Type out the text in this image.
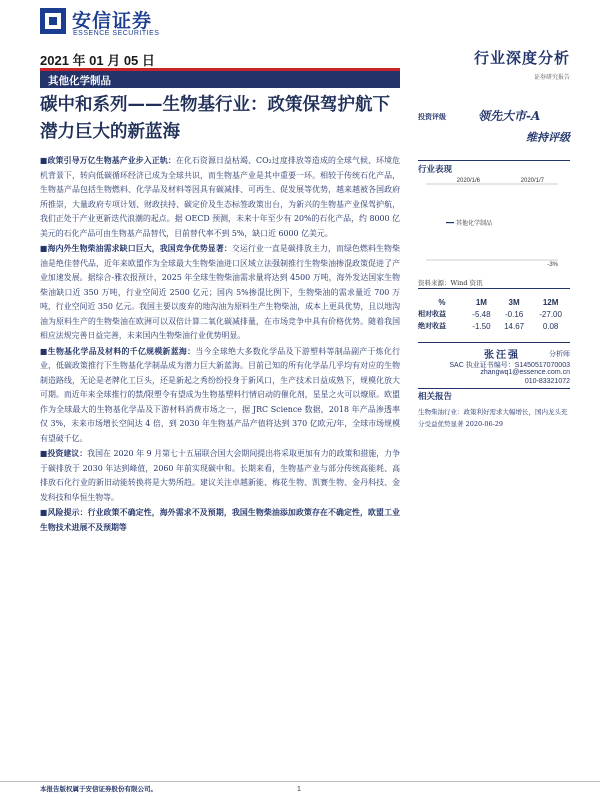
安信证券
ESSENCE SECURITIES
2021 年 01 月 05 日
其他化学制品
行业深度分析
证券研究报告
碳中和系列——生物基行业：政策保驾护航下潜力巨大的新蓝海
投资评级	领先大市-A
维持评级
行业表现
2020/1/6	2020/1/7
其他化学制品
-3%
资料来源：Wind 资讯
%	1M	3M	12M
相对收益	-5.48	-0.16	-27.00
绝对收益	-1.50	14.67	0.08
张汪强	分析师
SAC 执业证书编号：S1450517070003
zhangwq1@essence.com.cn
010-83321072
相关报告
生物柴油行业：政策利好需求大幅增长，国内龙头充分受益优势显著 2020-06-29

■政策引导万亿生物基产业步入正轨：在化石资源日益枯竭、CO₂过度排放等造成的全球气候、环境危机背景下，转向低碳循环经济已成为全球共识，而生物基产业是其中重要一环。相较于传统石化产品，生物基产品包括生物燃料、化学品及材料等因具有碳减排、可再生、促发展等优势，越来越被各国政府所推崇，大量政府专项计划、财政扶持、碳定价及生态标签政策出台，为新兴的生物基产业保驾护航，我们正处于产业更新迭代浪潮的起点。据 OECD 预测，未来十年至少有 20%的石化产品，约 8000 亿美元的石化产品可由生物基产品替代，目前替代率不到 5%，缺口近 6000 亿美元。

■海内外生物柴油需求缺口巨大，我国竞争优势显著：交运行业一直是碳排放主力，而绿色燃料生物柴油是绝佳替代品，近年来欧盟作为全球最大生物柴油进口区域立法强制推行生物柴油掺混政策促进了产业加速发展。据综合-雅农报预计，2025 年全球生物柴油需求量将达到 4500 万吨，海外发达国家生物柴油缺口近 350 万吨，行业空间近 2500 亿元；国内 5%掺混比例下，生物柴油的需求量近 700 万吨，行业空间近 350 亿元。我国主要以废弃的地沟油为原料生产生物柴油，成本上更具优势，且以地沟油为原料生产的生物柴油在欧洲可以双倍计算二氧化碳减排量，在市场竞争中具有价格优势。随着我国相应法规完善日益完善，未来国内生物柴油行业优势明显。

■生物基化学品及材料的千亿规模新蓝海：当今全球绝大多数化学品及下游塑料等制品副产于炼化行业，低碳政策推行下生物基化学制品成为潜力巨大新蓝海。目前已知的所有化学品几乎均有对应的生物制造路线，无论是老牌化工巨头，还是新起之秀纷纷投身于新风口，生产技术日益成熟下，规模化放大可期。而近年来全球推行的禁/限塑令有望成为生物基塑料行情启动的催化剂，星星之火可以燎原。欧盟作为全球最大的生物基化学品及下游材料消费市场之一，据 JRC Science 数据，2018 年产品渗透率仅 3%，未来市场增长空间达 4 倍，到 2030 年生物基产品产值将达到 370 亿欧元/年，全球市场规模有望破千亿。

■投资建议：我国在 2020 年 9 月第七十五届联合国大会期间提出将采取更加有力的政策和措施，力争于碳排放于 2030 年达到峰值，2060 年前实现碳中和。长期来看，生物基产业与部分传统高能耗、高排放石化行业的新旧动能转换将是大势所趋。建议关注卓越新能、梅花生物、凯赛生物、金丹科技、金发科技和华恒生物等。

■风险提示：行业政策不确定性，海外需求不及预期，我国生物柴油添加政策存在不确定性，欧盟工业生物技术进展不及预期等

本报告版权属于安信证券股份有限公司。	1
